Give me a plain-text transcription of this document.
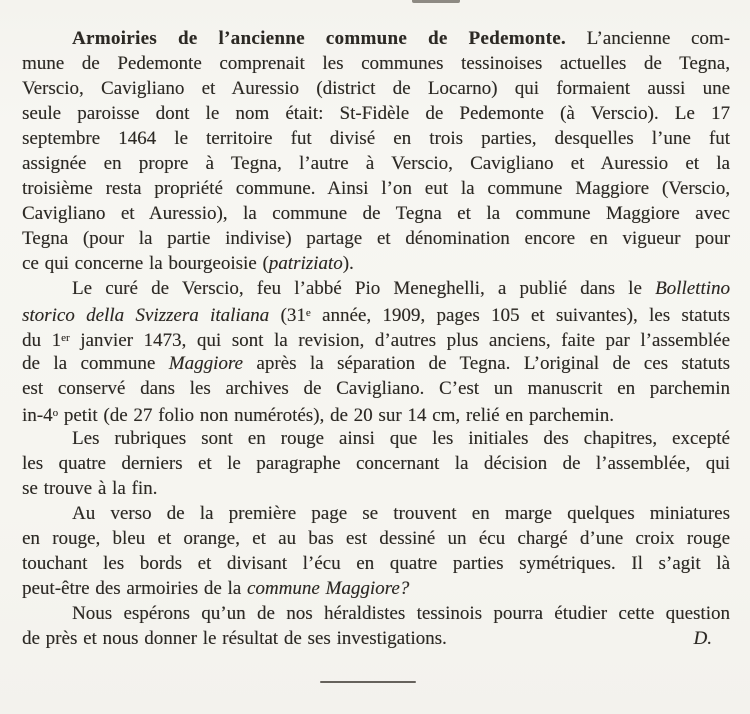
Armoiries de l’ancienne commune de Pedemonte. L’ancienne com-
mune de Pedemonte comprenait les communes tessinoises actuelles de Tegna,
Verscio, Cavigliano et Auressio (district de Locarno) qui formaient aussi une
seule paroisse dont le nom était: St-Fidèle de Pedemonte (à Verscio). Le 17
septembre 1464 le territoire fut divisé en trois parties, desquelles l’une fut
assignée en propre à Tegna, l’autre à Verscio, Cavigliano et Auressio et la
troisième resta propriété commune. Ainsi l’on eut la commune Maggiore (Verscio,
Cavigliano et Auressio), la commune de Tegna et la commune Maggiore avec
Tegna (pour la partie indivise) partage et dénomination encore en vigueur pour
ce qui concerne la bourgeoisie (patriziato).
Le curé de Verscio, feu l’abbé Pio Meneghelli, a publié dans le Bollettino
storico della Svizzera italiana (31e année, 1909, pages 105 et suivantes), les statuts
du 1er janvier 1473, qui sont la revision, d’autres plus anciens, faite par l’assemblée
de la commune Maggiore après la séparation de Tegna. L’original de ces statuts
est conservé dans les archives de Cavigliano. C’est un manuscrit en parchemin
in-4$^o$ petit (de 27 folio non numérotés), de 20 sur 14 cm, relié en parchemin.
Les rubriques sont en rouge ainsi que les initiales des chapitres, excepté
les quatre derniers et le paragraphe concernant la décision de l’assemblée, qui
se trouve à la fin.
Au verso de la première page se trouvent en marge quelques miniatures
en rouge, bleu et orange, et au bas est dessiné un écu chargé d’une croix rouge
touchant les bords et divisant l’écu en quatre parties symétriques. Il s’agit là
peut-être des armoiries de la commune Maggiore?
Nous espérons qu’un de nos héraldistes tessinois pourra étudier cette question
de près et nous donner le résultat de ses investigations.	D.
